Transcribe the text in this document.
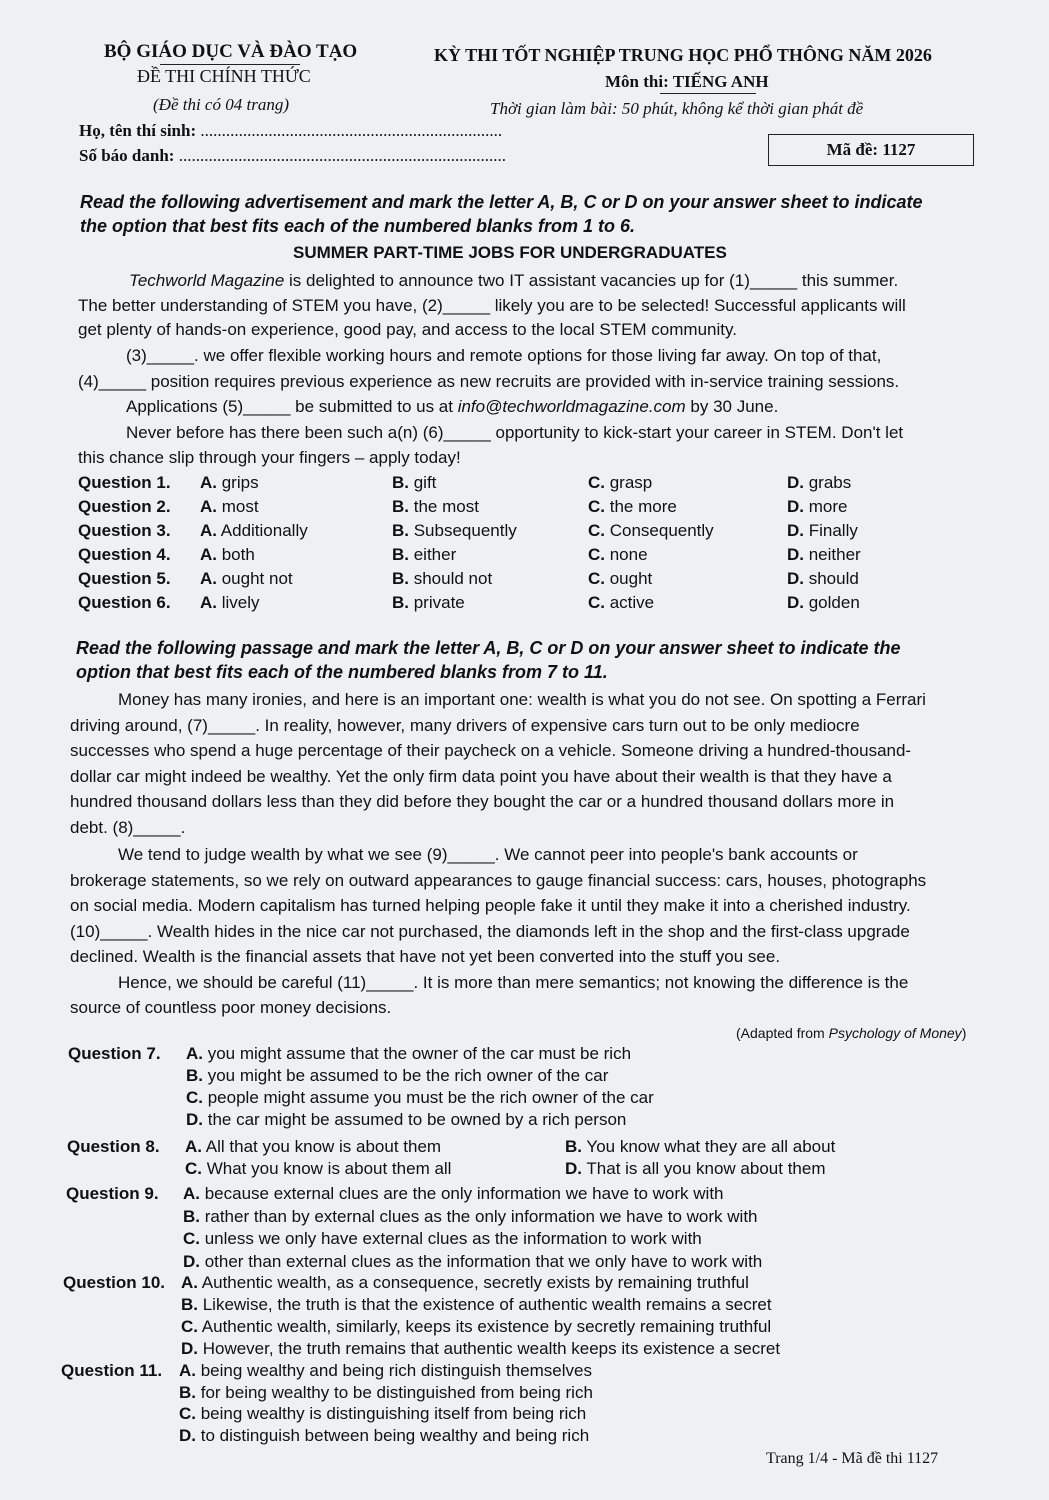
BỘ GIÁO DỤC VÀ ĐÀO TẠO
ĐỀ THI CHÍNH THỨC
(Đề thi có 04 trang)
KỲ THI TỐT NGHIỆP TRUNG HỌC PHỔ THÔNG NĂM 2026
Môn thi: TIẾNG ANH
Thời gian làm bài: 50 phút, không kể thời gian phát đề
Họ, tên thí sinh: .......................................................................
Số báo danh: .............................................................................	Mã đề: 1127
Read the following advertisement and mark the letter A, B, C or D on your answer sheet to indicate
the option that best fits each of the numbered blanks from 1 to 6.
SUMMER PART-TIME JOBS FOR UNDERGRADUATES
Techworld Magazine is delighted to announce two IT assistant vacancies up for (1)_____ this summer.
The better understanding of STEM you have, (2)_____ likely you are to be selected! Successful applicants will
get plenty of hands-on experience, good pay, and access to the local STEM community.
(3)_____. we offer flexible working hours and remote options for those living far away. On top of that,
(4)_____ position requires previous experience as new recruits are provided with in-service training sessions.
Applications (5)_____ be submitted to us at info@techworldmagazine.com by 30 June.
Never before has there been such a(n) (6)_____ opportunity to kick-start your career in STEM. Don't let
this chance slip through your fingers – apply today!
Question 1. A. grips	B. gift	C. grasp	D. grabs
Question 2. A. most	B. the most	C. the more	D. more
Question 3. A. Additionally	B. Subsequently	C. Consequently	D. Finally
Question 4. A. both	B. either	C. none	D. neither
Question 5. A. ought not	B. should not	C. ought	D. should
Question 6. A. lively	B. private	C. active	D. golden
Read the following passage and mark the letter A, B, C or D on your answer sheet to indicate the
option that best fits each of the numbered blanks from 7 to 11.
Money has many ironies, and here is an important one: wealth is what you do not see. On spotting a Ferrari
driving around, (7)_____. In reality, however, many drivers of expensive cars turn out to be only mediocre
successes who spend a huge percentage of their paycheck on a vehicle. Someone driving a hundred-thousand-
dollar car might indeed be wealthy. Yet the only firm data point you have about their wealth is that they have a
hundred thousand dollars less than they did before they bought the car or a hundred thousand dollars more in
debt. (8)_____.
We tend to judge wealth by what we see (9)_____. We cannot peer into people's bank accounts or
brokerage statements, so we rely on outward appearances to gauge financial success: cars, houses, photographs
on social media. Modern capitalism has turned helping people fake it until they make it into a cherished industry.
(10)_____. Wealth hides in the nice car not purchased, the diamonds left in the shop and the first-class upgrade
declined. Wealth is the financial assets that have not yet been converted into the stuff you see.
Hence, we should be careful (11)_____. It is more than mere semantics; not knowing the difference is the
source of countless poor money decisions.
(Adapted from Psychology of Money)
Question 7. A. you might assume that the owner of the car must be rich
B. you might be assumed to be the rich owner of the car
C. people might assume you must be the rich owner of the car
D. the car might be assumed to be owned by a rich person
Question 8. A. All that you know is about them	B. You know what they are all about
C. What you know is about them all	D. That is all you know about them
Question 9. A. because external clues are the only information we have to work with
B. rather than by external clues as the only information we have to work with
C. unless we only have external clues as the information to work with
D. other than external clues as the information that we only have to work with
Question 10. A. Authentic wealth, as a consequence, secretly exists by remaining truthful
B. Likewise, the truth is that the existence of authentic wealth remains a secret
C. Authentic wealth, similarly, keeps its existence by secretly remaining truthful
D. However, the truth remains that authentic wealth keeps its existence a secret
Question 11. A. being wealthy and being rich distinguish themselves
B. for being wealthy to be distinguished from being rich
C. being wealthy is distinguishing itself from being rich
D. to distinguish between being wealthy and being rich
Trang 1/4 - Mã đề thi 1127
